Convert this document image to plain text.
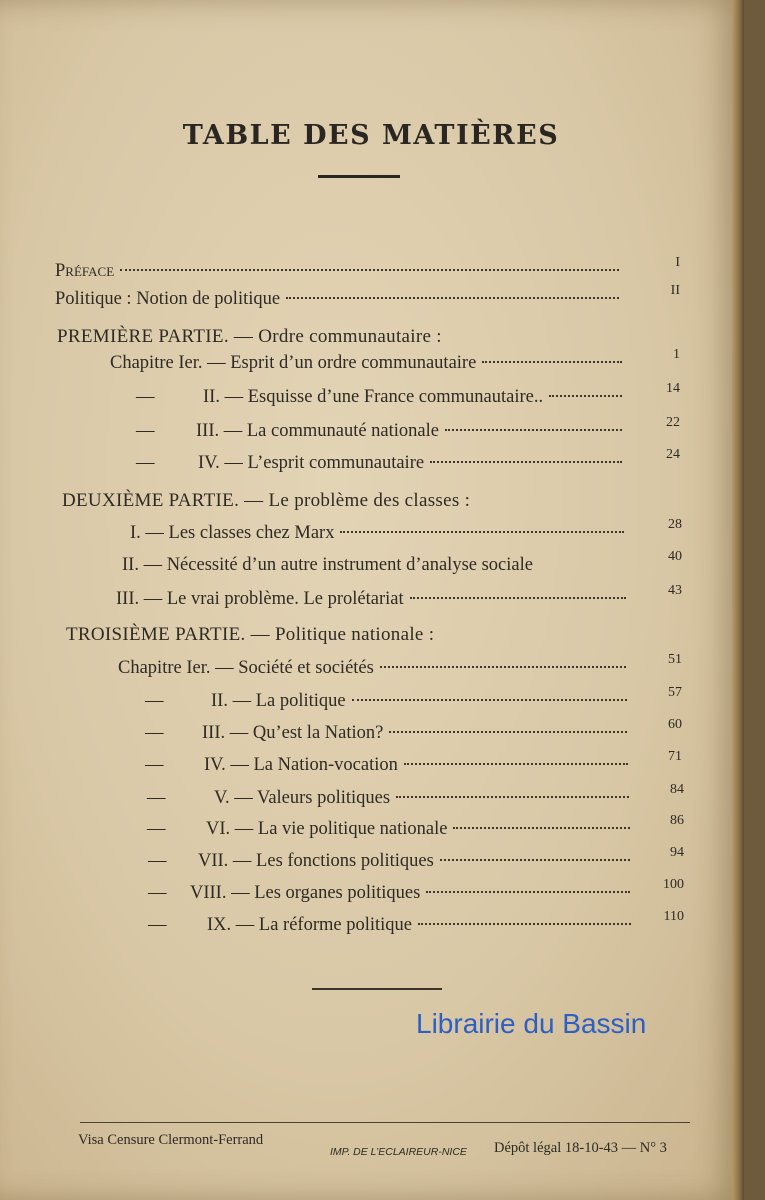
TABLE DES MATIÈRES
Préface	I
Politique : Notion de politique	II
PREMIÈRE PARTIE. — Ordre communautaire :
Chapitre Ier. — Esprit d’un ordre communautaire	1
—	II. — Esquisse d’une France communautaire..	14
— III. — La communauté nationale	22
— IV. — L’esprit communautaire	24
DEUXIÈME PARTIE. — Le problème des classes :
I. — Les classes chez Marx	28
II. — Nécessité d’un autre instrument d’analyse sociale	40
III. — Le vrai problème. Le prolétariat	43
TROISIÈME PARTIE. — Politique nationale :
Chapitre Ier. — Société et sociétés	51
—	II. — La politique	57
— III. — Qu’est la Nation?	60
— IV. — La Nation-vocation	71
—	V. — Valeurs politiques	84
— VI. — La vie politique nationale	86
— VII. — Les fonctions politiques	94
— VIII. — Les organes politiques	100
— IX. — La réforme politique	110
Librairie du Bassin
Visa Censure Clermont-Ferrand
IMP. DE L’ECLAIREUR-NICE Dépôt légal 18-10-43 — N° 3
